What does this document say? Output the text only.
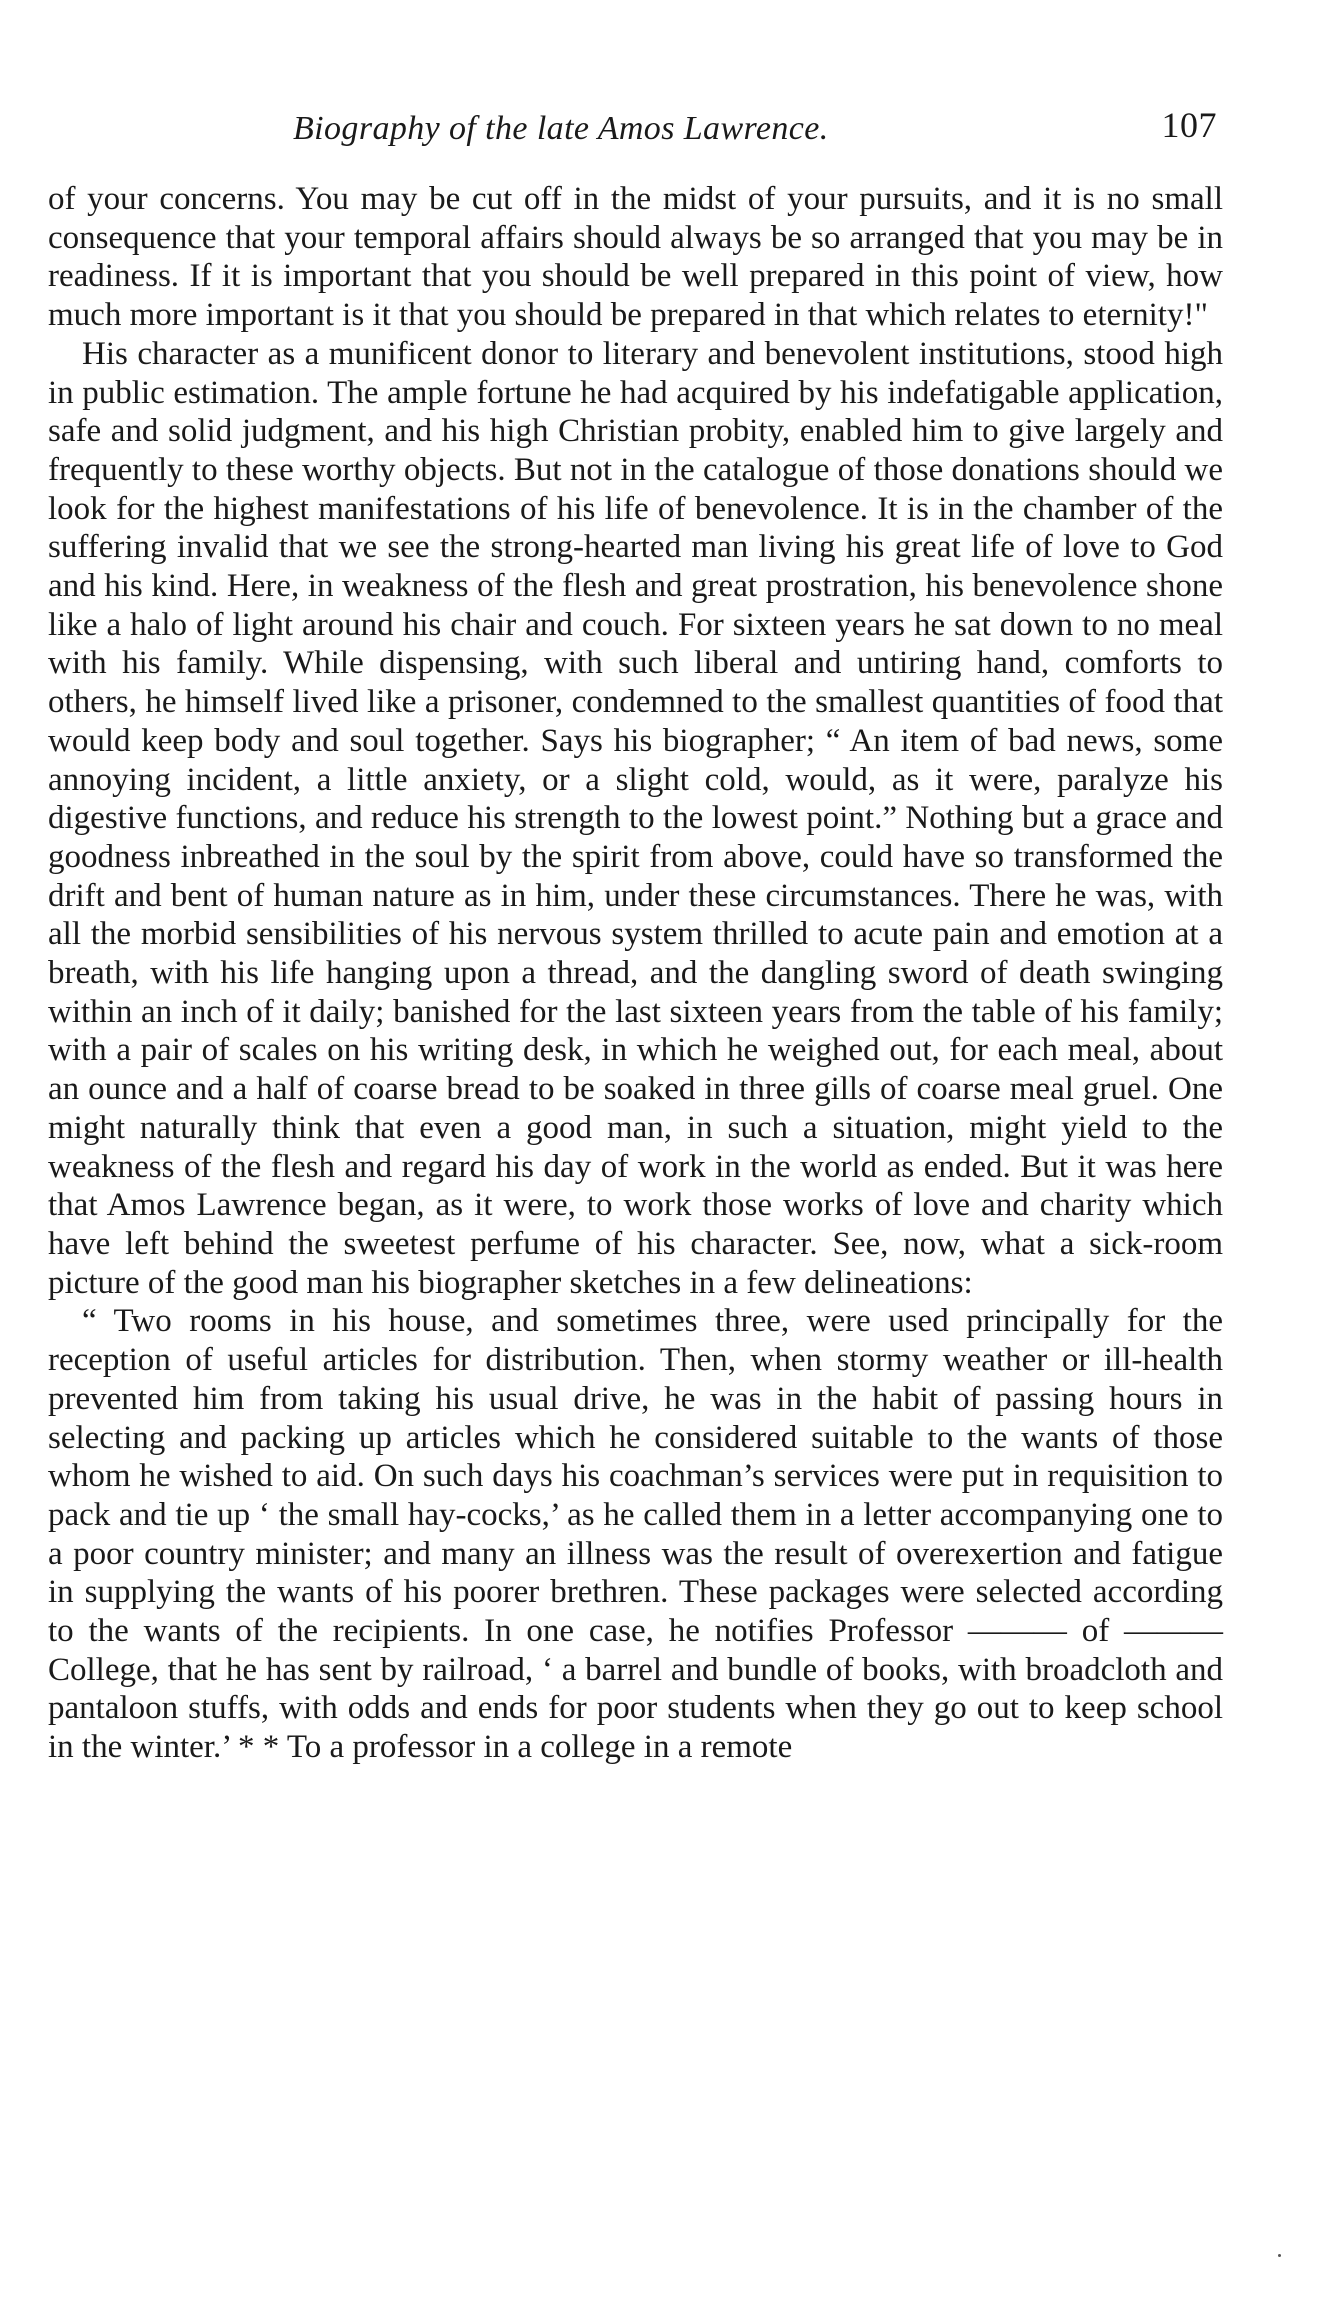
Biography of the late Amos Lawrence.	107

of your concerns. You may be cut off in the midst of your pursuits, and it is no small consequence that your temporal affairs should always be so arranged that you may be in readiness. If it is important that you should be well prepared in this point of view, how much more important is it that you should be prepared in that which relates to eternity!"

His character as a munificent donor to literary and benevolent institutions, stood high in public estimation. The ample fortune he had acquired by his indefatigable application, safe and solid judgment, and his high Christian probity, enabled him to give largely and frequently to these worthy objects. But not in the catalogue of those donations should we look for the highest manifestations of his life of benevolence. It is in the chamber of the suffering invalid that we see the strong-hearted man living his great life of love to God and his kind. Here, in weakness of the flesh and great prostration, his benevolence shone like a halo of light around his chair and couch. For sixteen years he sat down to no meal with his family. While dispensing, with such liberal and untiring hand, comforts to others, he himself lived like a prisoner, condemned to the smallest quantities of food that would keep body and soul together. Says his biographer; “ An item of bad news, some annoying incident, a little anxiety, or a slight cold, would, as it were, paralyze his digestive functions, and reduce his strength to the lowest point.” Nothing but a grace and goodness inbreathed in the soul by the spirit from above, could have so transformed the drift and bent of human nature as in him, under these circumstances. There he was, with all the morbid sensibilities of his nervous system thrilled to acute pain and emotion at a breath, with his life hanging upon a thread, and the dangling sword of death swinging within an inch of it daily; banished for the last sixteen years from the table of his family; with a pair of scales on his writing desk, in which he weighed out, for each meal, about an ounce and a half of coarse bread to be soaked in three gills of coarse meal gruel. One might naturally think that even a good man, in such a situation, might yield to the weakness of the flesh and regard his day of work in the world as ended. But it was here that Amos Lawrence began, as it were, to work those works of love and charity which have left behind the sweetest perfume of his character. See, now, what a sick-room picture of the good man his biographer sketches in a few delineations:

“ Two rooms in his house, and sometimes three, were used principally for the reception of useful articles for distribution. Then, when stormy weather or ill-health prevented him from taking his usual drive, he was in the habit of passing hours in selecting and packing up articles which he considered suitable to the wants of those whom he wished to aid. On such days his coachman’s services were put in requisition to pack and tie up ‘ the small hay-cocks,’ as he called them in a letter accompanying one to a poor country minister; and many an illness was the result of overexertion and fatigue in supplying the wants of his poorer brethren. These packages were selected according to the wants of the recipients. In one case, he notifies Professor ——— of ——— College, that he has sent by railroad, ‘ a barrel and bundle of books, with broadcloth and pantaloon stuffs, with odds and ends for poor students when they go out to keep school in the winter.’ * * To a professor in a college in a remote
